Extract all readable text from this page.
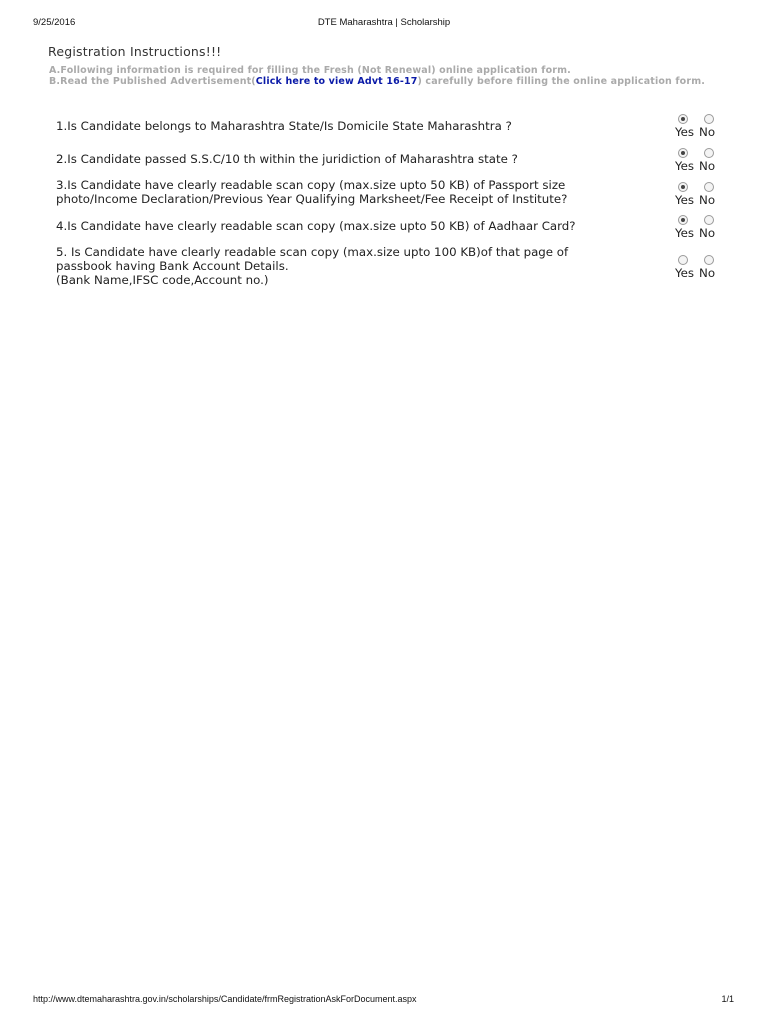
9/25/2016	DTE Maharashtra | Scholarship
Registration Instructions!!!
A.Following information is required for filling the Fresh (Not Renewal) online application form.
B.Read the Published Advertisement(Click here to view Advt 16-17) carefully before filling the online application form.
1.Is Candidate belongs to Maharashtra State/Is Domicile State Maharashtra ?	Yes No
2.Is Candidate passed S.S.C/10 th within the juridiction of Maharashtra state ?	Yes No
3.Is Candidate have clearly readable scan copy (max.size upto 50 KB) of Passport size
photo/Income Declaration/Previous Year Qualifying Marksheet/Fee Receipt of Institute?	Yes No
4.Is Candidate have clearly readable scan copy (max.size upto 50 KB) of Aadhaar Card?	Yes No
5. Is Candidate have clearly readable scan copy (max.size upto 100 KB)of that page of
passbook having Bank Account Details.
(Bank Name,IFSC code,Account no.)	Yes No
http://www.dtemaharashtra.gov.in/scholarships/Candidate/frmRegistrationAskForDocument.aspx	1/1
